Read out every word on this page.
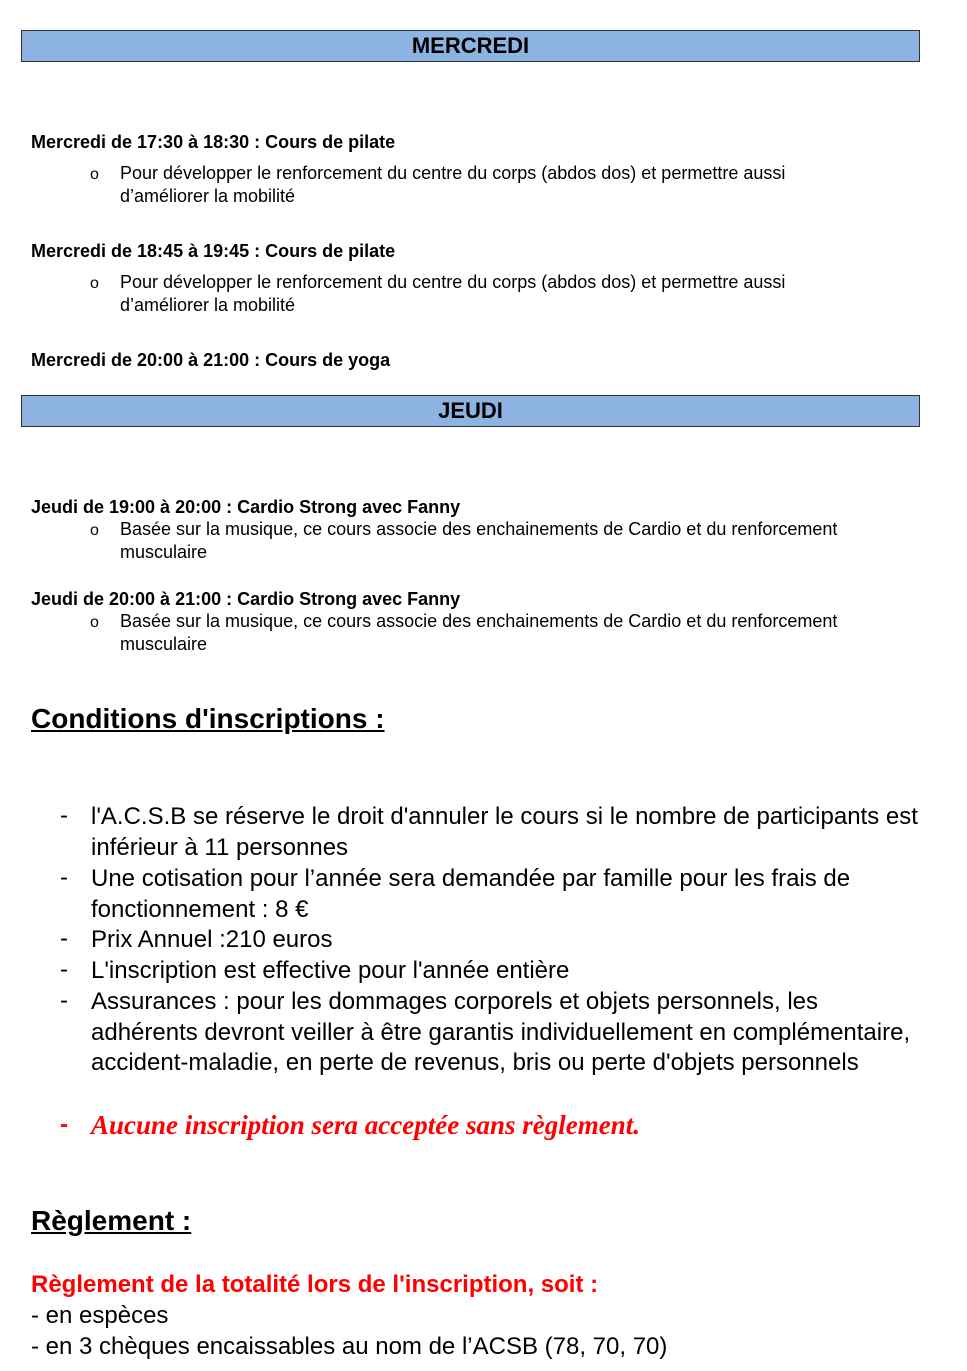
MERCREDI
Mercredi de 17:30 à 18:30 : Cours de pilate
o Pour développer le renforcement du centre du corps (abdos dos) et permettre aussi d’améliorer la mobilité
Mercredi de 18:45 à 19:45 : Cours de pilate
o Pour développer le renforcement du centre du corps (abdos dos) et permettre aussi d’améliorer la mobilité
Mercredi de 20:00 à 21:00 : Cours de yoga
JEUDI
Jeudi de 19:00 à 20:00 : Cardio Strong avec Fanny
o Basée sur la musique, ce cours associe des enchainements de Cardio et du renforcement musculaire
Jeudi de 20:00 à 21:00 : Cardio Strong avec Fanny
o Basée sur la musique, ce cours associe des enchainements de Cardio et du renforcement musculaire
Conditions d'inscriptions :
- l'A.C.S.B se réserve le droit d'annuler le cours si le nombre de participants est inférieur à 11 personnes
- Une cotisation pour l’année sera demandée par famille pour les frais de fonctionnement : 8 €
- Prix Annuel :210 euros
- L'inscription est effective pour l'année entière
- Assurances : pour les dommages corporels et objets personnels, les adhérents devront veiller à être garantis individuellement en complémentaire, accident-maladie, en perte de revenus, bris ou perte d'objets personnels
- Aucune inscription sera acceptée sans règlement.
Règlement :
Règlement de la totalité lors de l'inscription, soit :
- en espèces
- en 3 chèques encaissables au nom de l’ACSB (78, 70, 70)
